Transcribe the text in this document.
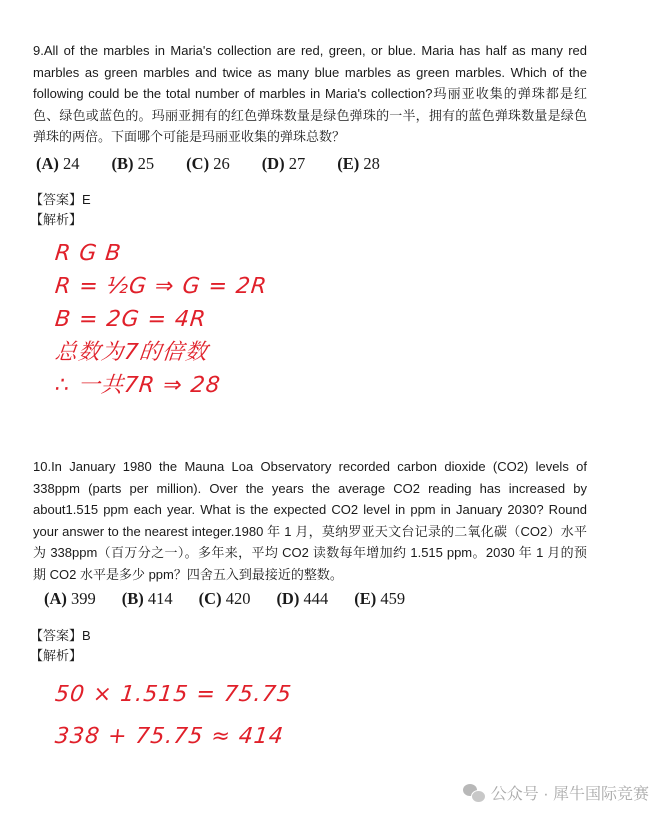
9.All of the marbles in Maria's collection are red, green, or blue. Maria has half as many red marbles as green marbles and twice as many blue marbles as green marbles. Which of the following could be the total number of marbles in Maria's collection?玛丽亚收集的弹珠都是红色、绿色或蓝色的。玛丽亚拥有的红色弹珠数量是绿色弹珠的一半，拥有的蓝色弹珠数量是绿色弹珠的两倍。下面哪个可能是玛丽亚收集的弹珠总数？
(A) 24 (B) 25 (C) 26 (D) 27 (E) 28
【答案】E
【解析】
R G B
R = ½G ⇒ G = 2R
B = 2G = 4R
总数为7的倍数
∴ 一共7R ⇒ 28
10.In January 1980 the Mauna Loa Observatory recorded carbon dioxide (CO2) levels of 338ppm (parts per million). Over the years the average CO2 reading has increased by about1.515 ppm each year. What is the expected CO2 level in ppm in January 2030? Round your answer to the nearest integer.1980 年 1 月，莫纳罗亚天文台记录的二氧化碳（CO2）水平为 338ppm（百万分之一）。多年来，平均 CO2 读数每年增加约 1.515 ppm。2030 年 1 月的预期 CO2 水平是多少 ppm？四舍五入到最接近的整数。
(A) 399 (B) 414 (C) 420 (D) 444 (E) 459
【答案】B
【解析】
50 × 1.515 = 75.75
338 + 75.75 ≈ 414
公众号 · 犀牛国际竞赛
